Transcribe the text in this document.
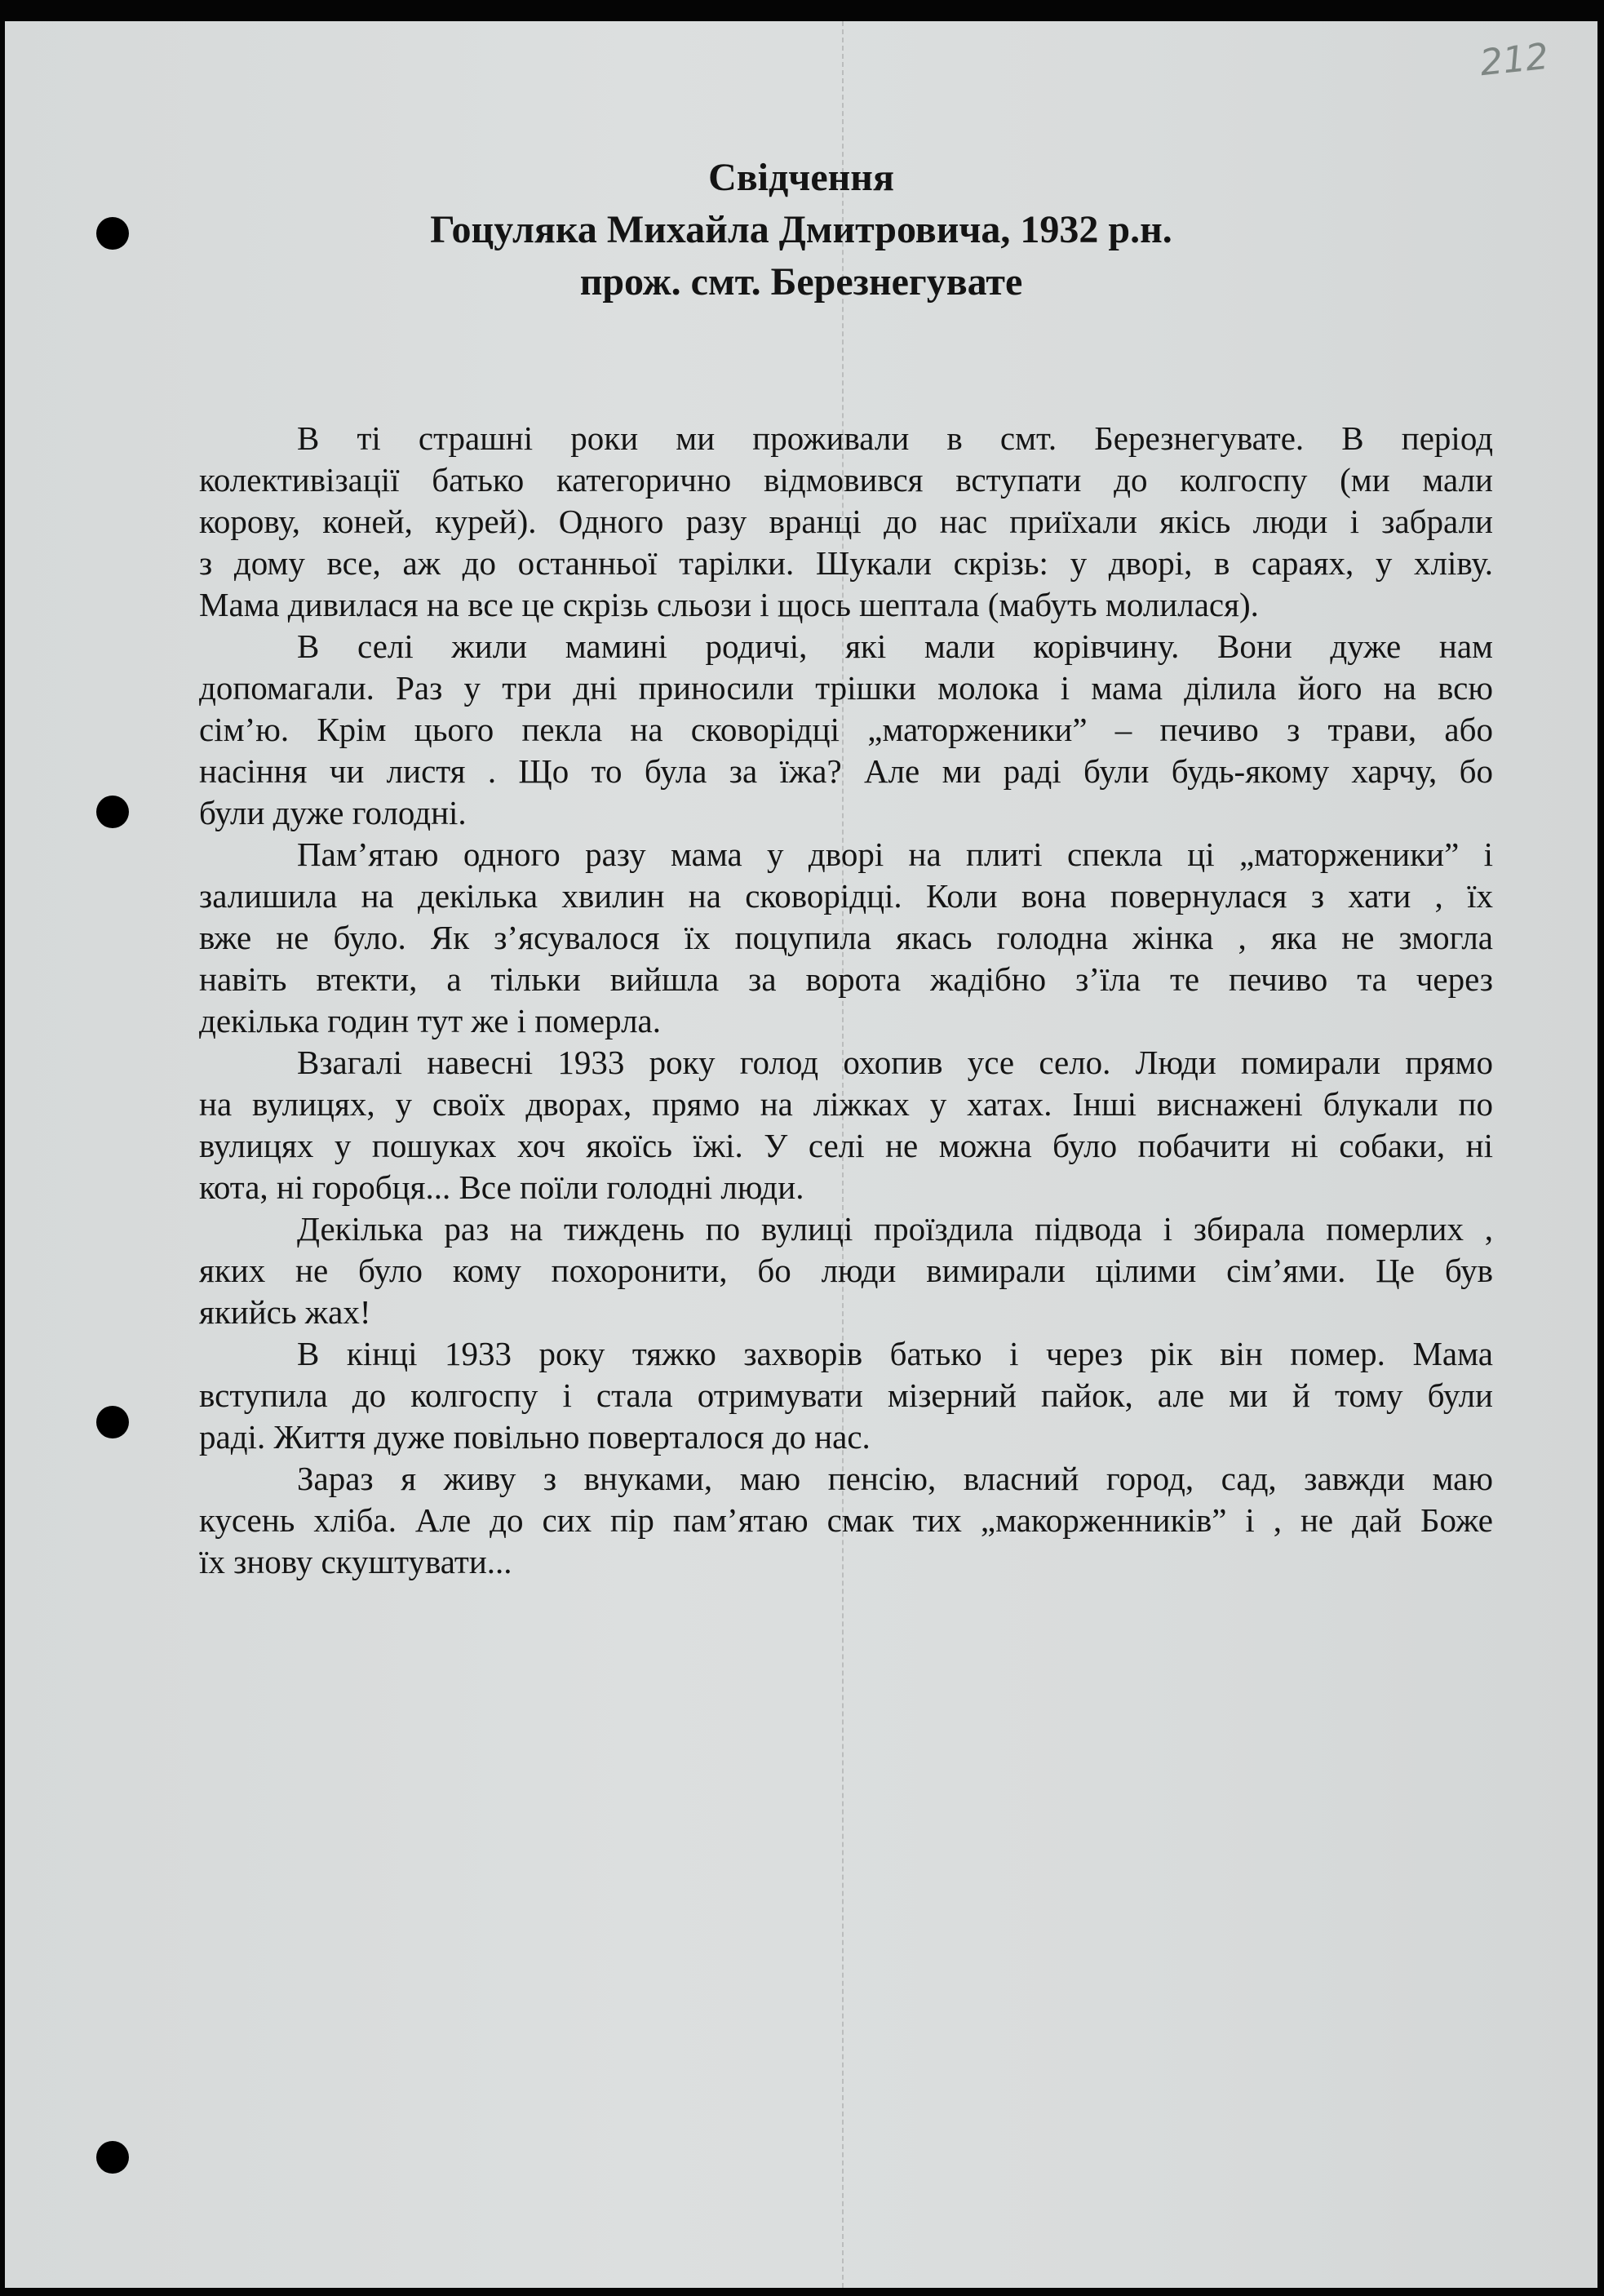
212
Свідчення
Гоцуляка Михайла Дмитровича, 1932 р.н.
прож. смт. Березнегувате
В ті страшні роки ми проживали в смт. Березнегувате. В період
колективізації батько категорично відмовився вступати до колгоспу (ми мали
корову, коней, курей). Одного разу вранці до нас приїхали якісь люди і забрали
з дому все, аж до останньої тарілки. Шукали скрізь: у дворі, в сараях, у хліву.
Мама дивилася на все це скрізь сльози і щось шептала (мабуть молилася).
В селі жили мамині родичі, які мали корівчину. Вони дуже нам
допомагали. Раз у три дні приносили трішки молока і мама ділила його на всю
сім’ю. Крім цього пекла на сковорідці „маторженики” – печиво з трави, або
насіння чи листя . Що то була за їжа? Але ми раді були будь-якому харчу, бо
були дуже голодні.
Пам’ятаю одного разу мама у дворі на плиті спекла ці „маторженики” і
залишила на декілька хвилин на сковорідці. Коли вона повернулася з хати , їх
вже не було. Як з’ясувалося їх поцупила якась голодна жінка , яка не змогла
навіть втекти, а тільки вийшла за ворота жадібно з’їла те печиво та через
декілька годин тут же і померла.
Взагалі навесні 1933 року голод охопив усе село. Люди помирали прямо
на вулицях, у своїх дворах, прямо на ліжках у хатах. Інші виснажені блукали по
вулицях у пошуках хоч якоїсь їжі. У селі не можна було побачити ні собаки, ні
кота, ні горобця... Все поїли голодні люди.
Декілька раз на тиждень по вулиці проїздила підвода і збирала померлих ,
яких не було кому похоронити, бо люди вимирали цілими сім’ями. Це був
якийсь жах!
В кінці 1933 року тяжко захворів батько і через рік він помер. Мама
вступила до колгоспу і стала отримувати мізерний пайок, але ми й тому були
раді. Життя дуже повільно поверталося до нас.
Зараз я живу з внуками, маю пенсію, власний город, сад, завжди маю
кусень хліба. Але до сих пір пам’ятаю смак тих „макорженників” і , не дай Боже
їх знову скуштувати...
